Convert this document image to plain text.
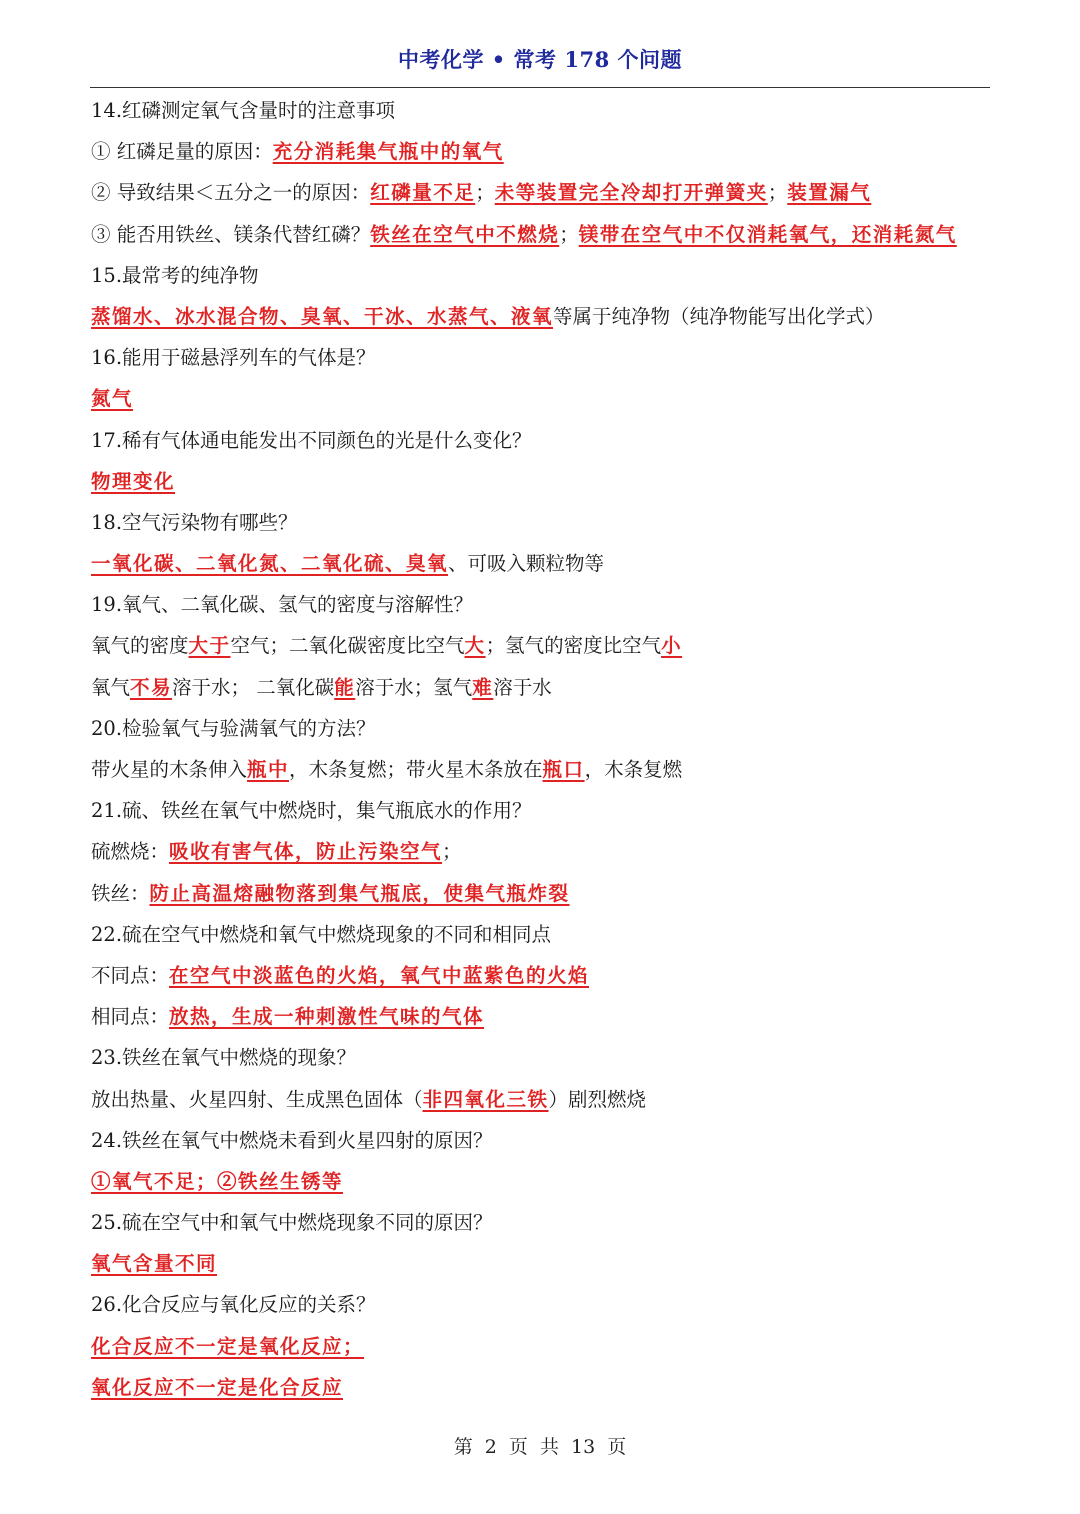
中考化学 • 常考 178 个问题
14.红磷测定氧气含量时的注意事项
① 红磷足量的原因：充分消耗集气瓶中的氧气
② 导致结果＜五分之一的原因：红磷量不足；未等装置完全冷却打开弹簧夹；装置漏气
③ 能否用铁丝、镁条代替红磷？铁丝在空气中不燃烧；镁带在空气中不仅消耗氧气，还消耗氮气
15.最常考的纯净物
蒸馏水、冰水混合物、臭氧、干冰、水蒸气、液氧等属于纯净物（纯净物能写出化学式）
16.能用于磁悬浮列车的气体是？
氮气
17.稀有气体通电能发出不同颜色的光是什么变化？
物理变化
18.空气污染物有哪些？
一氧化碳、二氧化氮、二氧化硫、臭氧、可吸入颗粒物等
19.氧气、二氧化碳、氢气的密度与溶解性？
氧气的密度大于空气；二氧化碳密度比空气大；氢气的密度比空气小
氧气不易溶于水； 二氧化碳能溶于水；氢气难溶于水
20.检验氧气与验满氧气的方法？
带火星的木条伸入瓶中，木条复燃；带火星木条放在瓶口，木条复燃
21.硫、铁丝在氧气中燃烧时，集气瓶底水的作用？
硫燃烧：吸收有害气体，防止污染空气；
铁丝：防止高温熔融物落到集气瓶底，使集气瓶炸裂
22.硫在空气中燃烧和氧气中燃烧现象的不同和相同点
不同点：在空气中淡蓝色的火焰，氧气中蓝紫色的火焰
相同点：放热，生成一种刺激性气味的气体
23.铁丝在氧气中燃烧的现象？
放出热量、火星四射、生成黑色固体（非四氧化三铁）剧烈燃烧
24.铁丝在氧气中燃烧未看到火星四射的原因？
①氧气不足；②铁丝生锈等
25.硫在空气中和氧气中燃烧现象不同的原因？
氧气含量不同
26.化合反应与氧化反应的关系？
化合反应不一定是氧化反应；
氧化反应不一定是化合反应
第 2 页 共 13 页
